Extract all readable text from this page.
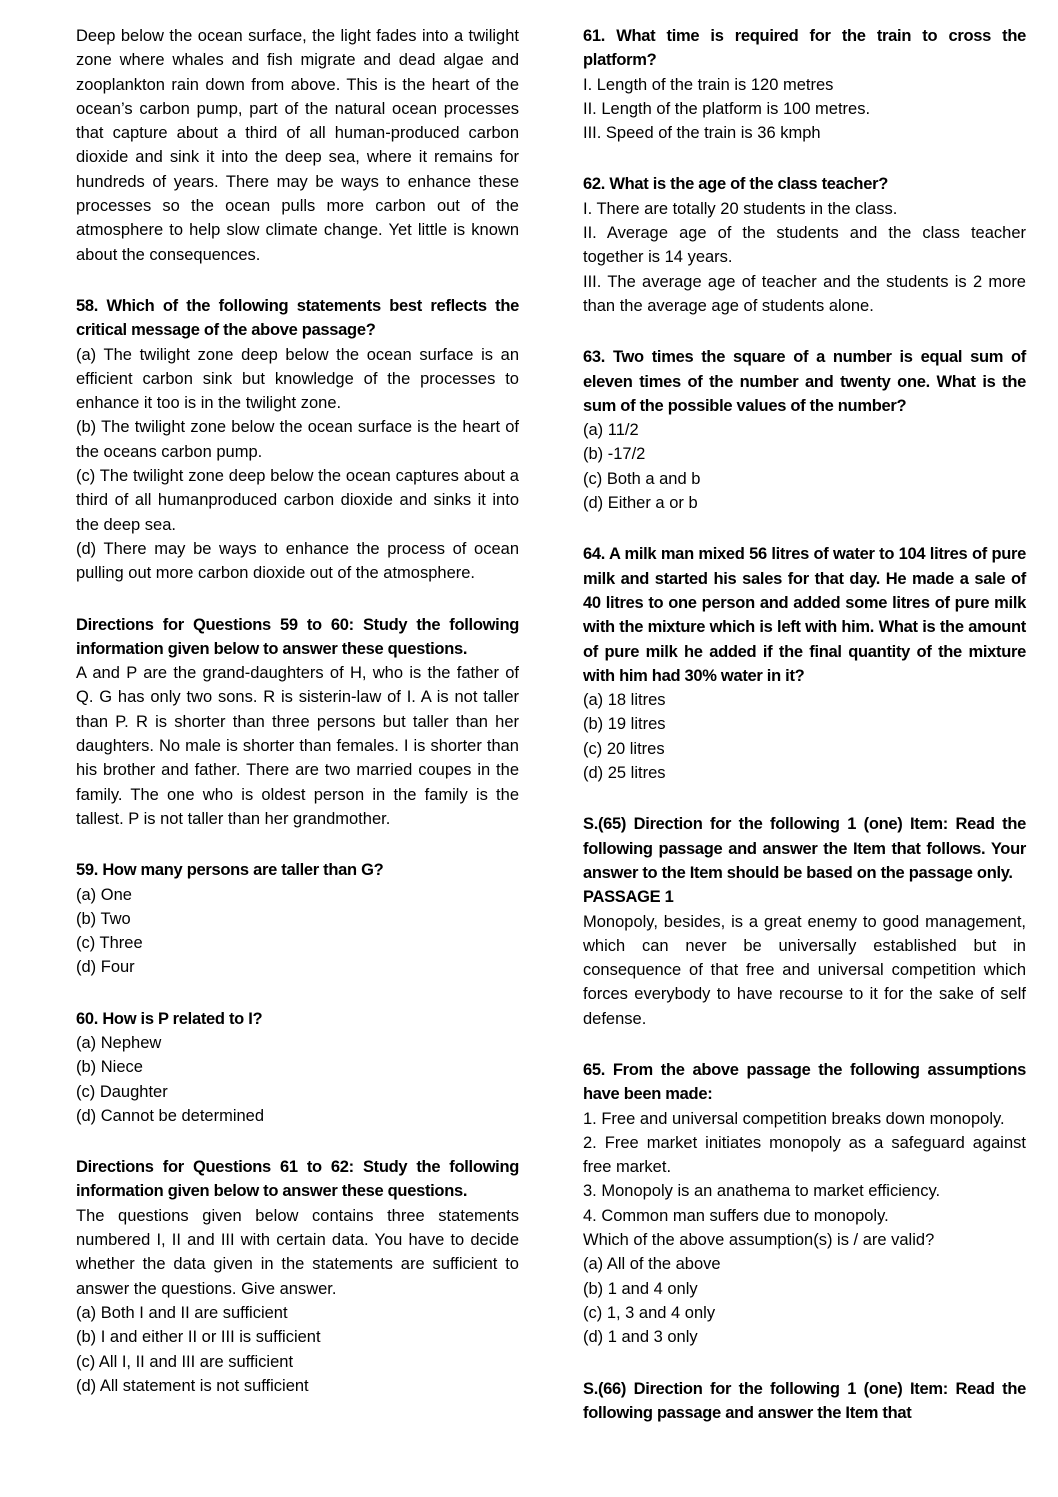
Deep below the ocean surface, the light fades into a twilight zone where whales and fish migrate and dead algae and zooplankton rain down from above. This is the heart of the ocean’s carbon pump, part of the natural ocean processes that capture about a third of all human-produced carbon dioxide and sink it into the deep sea, where it remains for hundreds of years. There may be ways to enhance these processes so the ocean pulls more carbon out of the atmosphere to help slow climate change. Yet little is known about the consequences.

58. Which of the following statements best reflects the critical message of the above passage?

(a) The twilight zone deep below the ocean surface is an efficient carbon sink but knowledge of the processes to enhance it too is in the twilight zone.

(b) The twilight zone below the ocean surface is the heart of the oceans carbon pump.

(c) The twilight zone deep below the ocean captures about a third of all humanproduced carbon dioxide and sinks it into the deep sea.

(d) There may be ways to enhance the process of ocean pulling out more carbon dioxide out of the atmosphere.

Directions for Questions 59 to 60: Study the following information given below to answer these questions.

A and P are the grand-daughters of H, who is the father of Q. G has only two sons. R is sisterin-law of I. A is not taller than P. R is shorter than three persons but taller than her daughters. No male is shorter than females. I is shorter than his brother and father. There are two married coupes in the family. The one who is oldest person in the family is the tallest. P is not taller than her grandmother.

59. How many persons are taller than G?

(a) One

(b) Two

(c) Three

(d) Four

60. How is P related to I?

(a) Nephew

(b) Niece

(c) Daughter

(d) Cannot be determined

Directions for Questions 61 to 62: Study the following information given below to answer these questions.

The questions given below contains three statements numbered I, II and III with certain data. You have to decide whether the data given in the statements are sufficient to answer the questions. Give answer.

(a) Both I and II are sufficient

(b) I and either II or III is sufficient

(c) All I, II and III are sufficient

(d) All statement is not sufficient

61. What time is required for the train to cross the platform?

I. Length of the train is 120 metres

II. Length of the platform is 100 metres.

III. Speed of the train is 36 kmph

62. What is the age of the class teacher?

I. There are totally 20 students in the class.

II. Average age of the students and the class teacher together is 14 years.

III. The average age of teacher and the students is 2 more than the average age of students alone.

63. Two times the square of a number is equal sum of eleven times of the number and twenty one. What is the sum of the possible values of the number?

(a) 11/2

(b) -17/2

(c) Both a and b

(d) Either a or b

64. A milk man mixed 56 litres of water to 104 litres of pure milk and started his sales for that day. He made a sale of 40 litres to one person and added some litres of pure milk with the mixture which is left with him. What is the amount of pure milk he added if the final quantity of the mixture with him had 30% water in it?

(a) 18 litres

(b) 19 litres

(c) 20 litres

(d) 25 litres

S.(65) Direction for the following 1 (one) Item: Read the following passage and answer the Item that follows. Your answer to the Item should be based on the passage only.

PASSAGE 1

Monopoly, besides, is a great enemy to good management, which can never be universally established but in consequence of that free and universal competition which forces everybody to have recourse to it for the sake of self defense.

65. From the above passage the following assumptions have been made:

1. Free and universal competition breaks down monopoly.

2. Free market initiates monopoly as a safeguard against free market.

3. Monopoly is an anathema to market efficiency.

4. Common man suffers due to monopoly.

Which of the above assumption(s) is / are valid?

(a) All of the above

(b) 1 and 4 only

(c) 1, 3 and 4 only

(d) 1 and 3 only

S.(66) Direction for the following 1 (one) Item: Read the following passage and answer the Item that
